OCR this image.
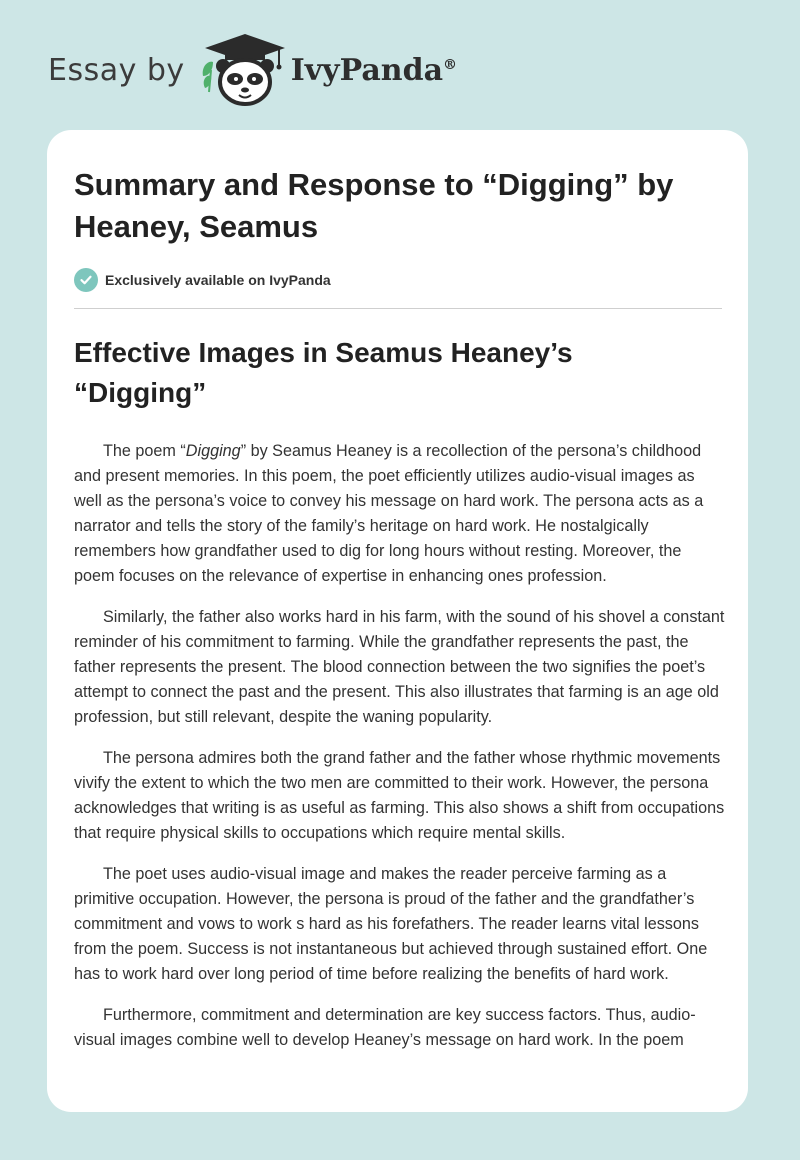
Essay by	IvyPanda®
Summary and Response to “Digging” by Heaney, Seamus
Exclusively available on IvyPanda
Effective Images in Seamus Heaney’s “Digging”

The poem “Digging” by Seamus Heaney is a recollection of the persona’s childhood and present memories. In this poem, the poet efficiently utilizes audio-visual images as well as the persona’s voice to convey his message on hard work. The persona acts as a narrator and tells the story of the family’s heritage on hard work. He nostalgically remembers how grandfather used to dig for long hours without resting. Moreover, the poem focuses on the relevance of expertise in enhancing ones profession.

Similarly, the father also works hard in his farm, with the sound of his shovel a constant reminder of his commitment to farming. While the grandfather represents the past, the father represents the present. The blood connection between the two signifies the poet’s attempt to connect the past and the present. This also illustrates that farming is an age old profession, but still relevant, despite the waning popularity.

The persona admires both the grand father and the father whose rhythmic movements vivify the extent to which the two men are committed to their work. However, the persona acknowledges that writing is as useful as farming. This also shows a shift from occupations that require physical skills to occupations which require mental skills.

The poet uses audio-visual image and makes the reader perceive farming as a primitive occupation. However, the persona is proud of the father and the grandfather’s commitment and vows to work s hard as his forefathers. The reader learns vital lessons from the poem. Success is not instantaneous but achieved through sustained effort. One has to work hard over long period of time before realizing the benefits of hard work.

Furthermore, commitment and determination are key success factors. Thus, audio-visual images combine well to develop Heaney’s message on hard work. In the poem
